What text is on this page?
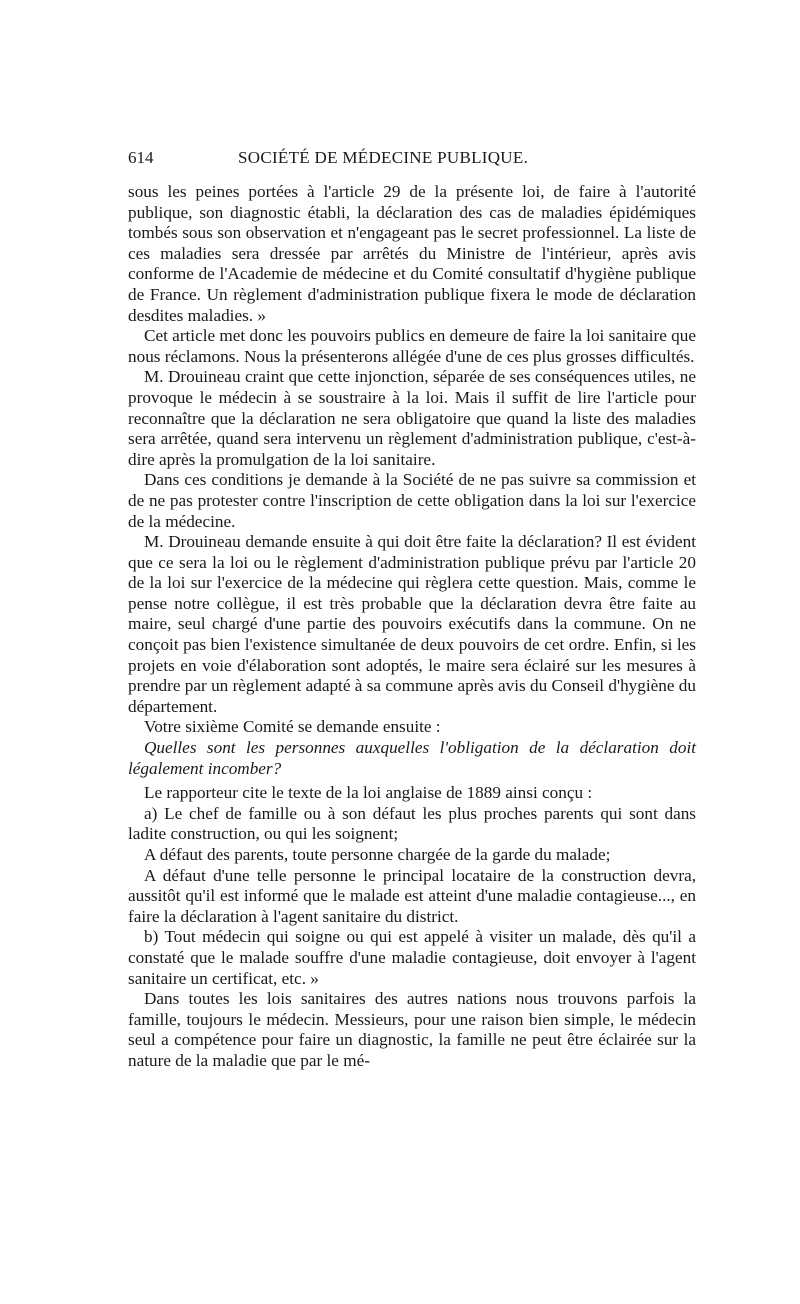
614	SOCIÉTÉ DE MÉDECINE PUBLIQUE.

sous les peines portées à l'article 29 de la présente loi, de faire à l'autorité publique, son diagnostic établi, la déclaration des cas de maladies épidémiques tombés sous son observation et n'engageant pas le secret professionnel. La liste de ces maladies sera dressée par arrêtés du Ministre de l'intérieur, après avis conforme de l'Academie de médecine et du Comité consultatif d'hygiène publique de France. Un règlement d'administration publique fixera le mode de déclaration desdites maladies. »

Cet article met donc les pouvoirs publics en demeure de faire la loi sanitaire que nous réclamons. Nous la présenterons allégée d'une de ces plus grosses difficultés.

M. Drouineau craint que cette injonction, séparée de ses conséquences utiles, ne provoque le médecin à se soustraire à la loi. Mais il suffit de lire l'article pour reconnaître que la déclaration ne sera obligatoire que quand la liste des maladies sera arrêtée, quand sera intervenu un règlement d'administration publique, c'est-à-dire après la promulgation de la loi sanitaire.

Dans ces conditions je demande à la Société de ne pas suivre sa commission et de ne pas protester contre l'inscription de cette obligation dans la loi sur l'exercice de la médecine.

M. Drouineau demande ensuite à qui doit être faite la déclaration? Il est évident que ce sera la loi ou le règlement d'administration publique prévu par l'article 20 de la loi sur l'exercice de la médecine qui règlera cette question. Mais, comme le pense notre collègue, il est très probable que la déclaration devra être faite au maire, seul chargé d'une partie des pouvoirs exécutifs dans la commune. On ne conçoit pas bien l'existence simultanée de deux pouvoirs de cet ordre. Enfin, si les projets en voie d'élaboration sont adoptés, le maire sera éclairé sur les mesures à prendre par un règlement adapté à sa commune après avis du Conseil d'hygiène du département.

Votre sixième Comité se demande ensuite :

Quelles sont les personnes auxquelles l'obligation de la déclaration doit légalement incomber?

Le rapporteur cite le texte de la loi anglaise de 1889 ainsi conçu :

a) Le chef de famille ou à son défaut les plus proches parents qui sont dans ladite construction, ou qui les soignent;

A défaut des parents, toute personne chargée de la garde du malade;

A défaut d'une telle personne le principal locataire de la construction devra, aussitôt qu'il est informé que le malade est atteint d'une maladie contagieuse..., en faire la déclaration à l'agent sanitaire du district.

b) Tout médecin qui soigne ou qui est appelé à visiter un malade, dès qu'il a constaté que le malade souffre d'une maladie contagieuse, doit envoyer à l'agent sanitaire un certificat, etc. »

Dans toutes les lois sanitaires des autres nations nous trouvons parfois la famille, toujours le médecin. Messieurs, pour une raison bien simple, le médecin seul a compétence pour faire un diagnostic, la famille ne peut être éclairée sur la nature de la maladie que par le mé-
